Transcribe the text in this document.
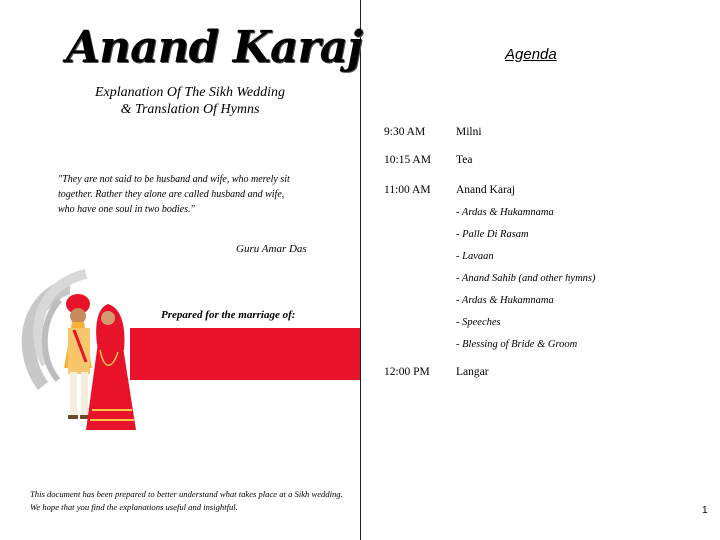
Anand Karaj
Explanation Of The Sikh Wedding
& Translation Of Hymns
"They are not said to be husband and wife, who merely sit together. Rather they alone are called husband and wife, who have one soul in two bodies."
Guru Amar Das
Prepared for the marriage of:
This document has been prepared to better understand what takes place at a Sikh wedding. We hope that you find the explanations useful and insightful.
Agenda
9:30 AM	Milni
10:15 AM Tea
11:00 AM Anand Karaj
- Ardas & Hukamnama
- Palle Di Rasam
- Lavaan
- Anand Sahib (and other hymns)
- Ardas & Hukamnama
- Speeches
- Blessing of Bride & Groom
12:00 PM Langar
1
